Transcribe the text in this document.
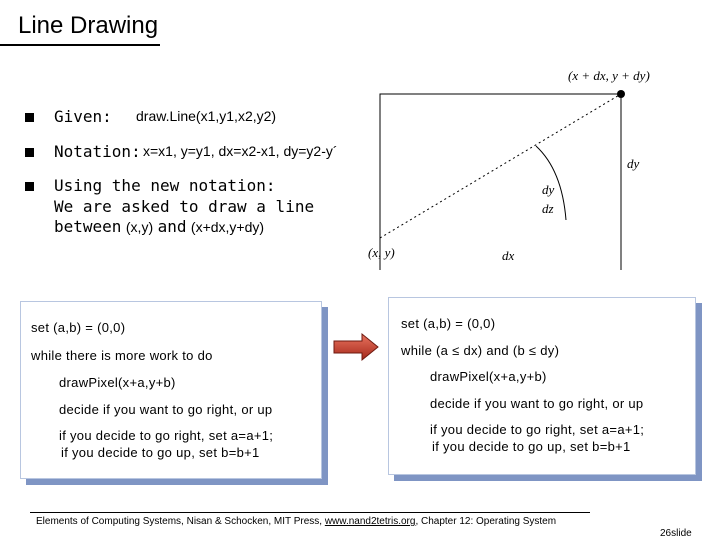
Line Drawing
Given: draw.Line(x1,y1,x2,y2)
Notation: x=x1, y=y1, dx=x2-x1, dy=y2-y´
Using the new notation:
We are asked to draw a line
between (x,y) and (x+dx,y+dy)
(x + dx, y + dy)
dy
dy
dz
(x, y)	dx
set (a,b) = (0,0)
while there is more work to do
drawPixel(x+a,y+b)
decide if you want to go right, or up
if you decide to go right, set a=a+1;
if you decide to go up, set b=b+1
set (a,b) = (0,0)
while (a ≤ dx) and (b ≤ dy)
drawPixel(x+a,y+b)
decide if you want to go right, or up
if you decide to go right, set a=a+1;
if you decide to go up, set b=b+1
Elements of Computing Systems, Nisan & Schocken, MIT Press, www.nand2tetris.org, Chapter 12: Operating System
26slide
